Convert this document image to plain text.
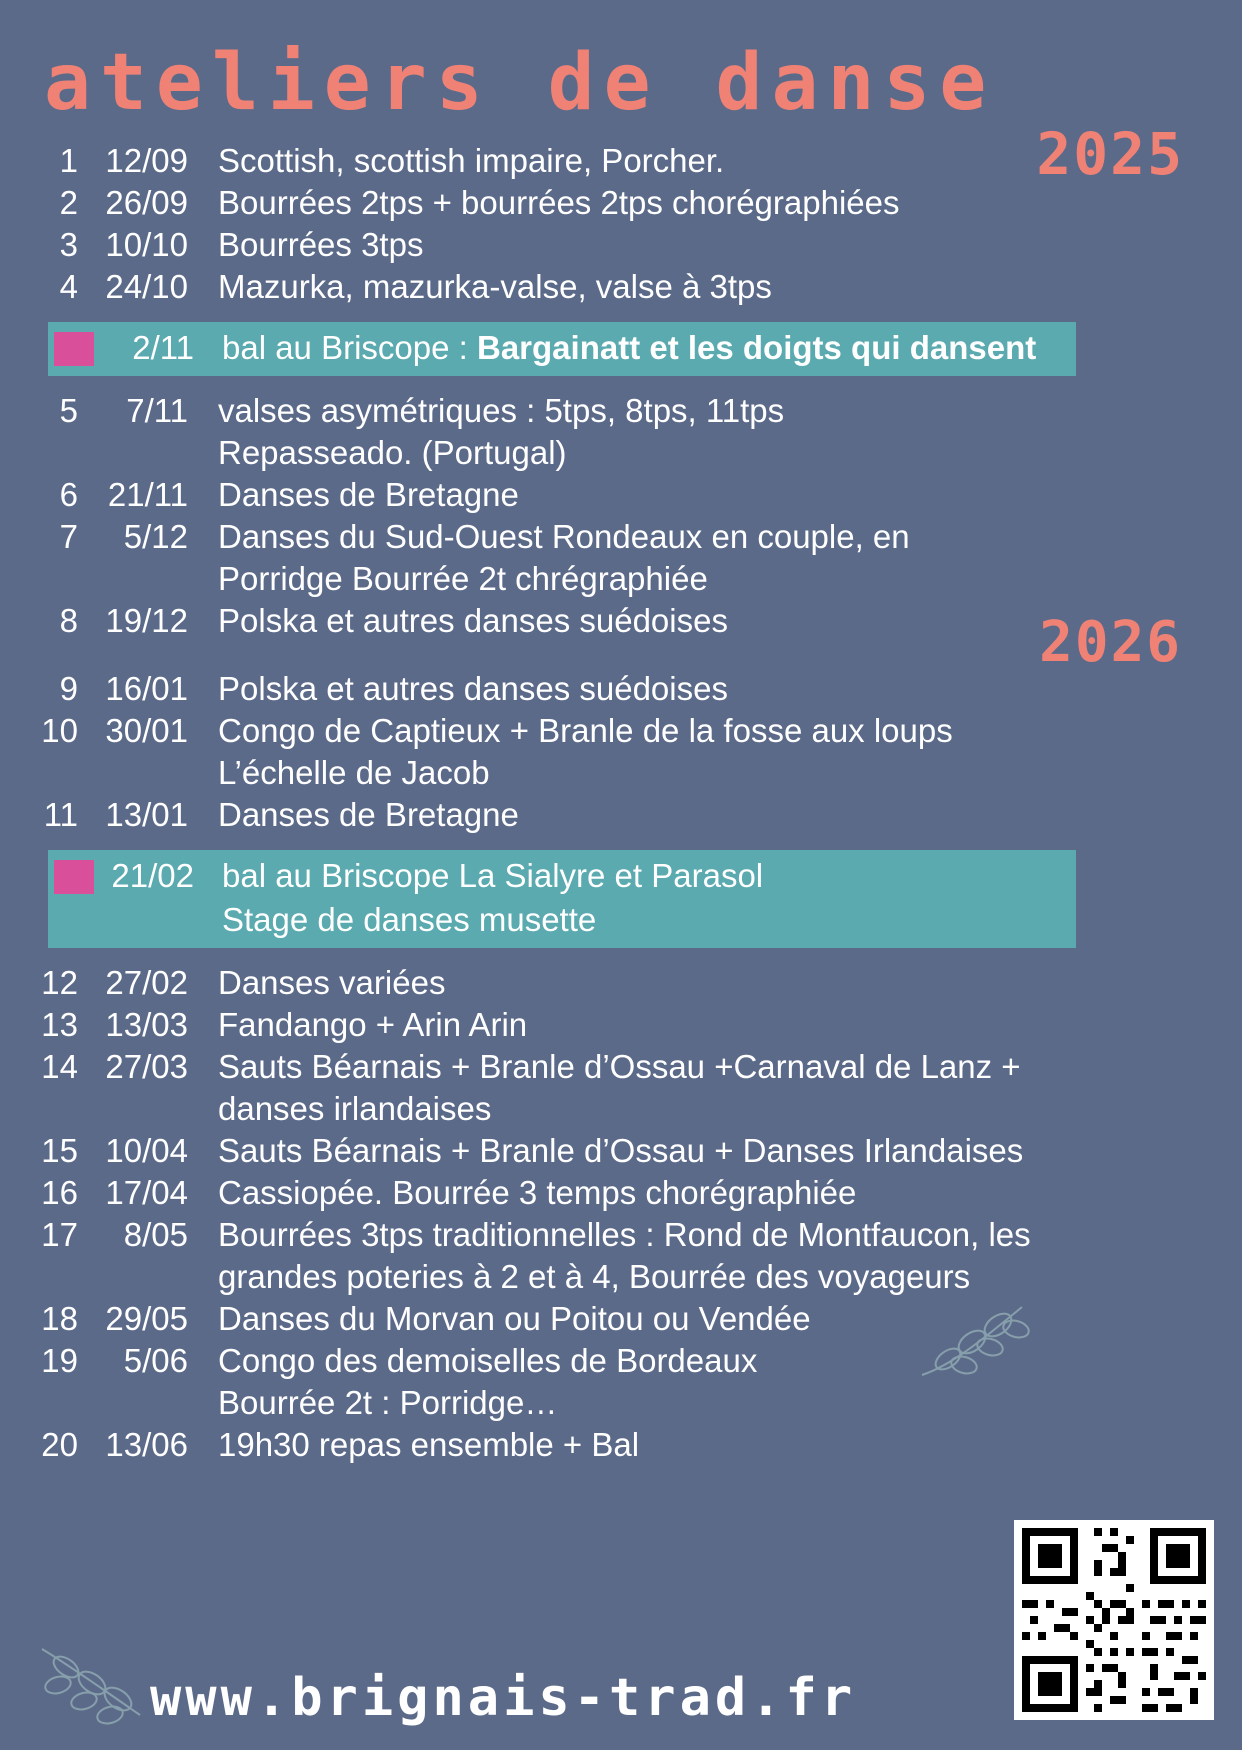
ateliers de danse
2025
2026
1 12/09 Scottish, scottish impaire, Porcher.
2 26/09 Bourrées 2tps + bourrées 2tps chorégraphiées
3 10/10 Bourrées 3tps
4 24/10 Mazurka, mazurka-valse, valse à 3tps
2/11 bal au Briscope : Bargainatt et les doigts qui dansent
5	7/11 valses asymétriques : 5tps, 8tps, 11tps
Repasseado. (Portugal)
6 21/11 Danses de Bretagne
7	5/12 Danses du Sud-Ouest Rondeaux en couple, en
Porridge Bourrée 2t chrégraphiée
8 19/12 Polska et autres danses suédoises
9 16/01 Polska et autres danses suédoises
10 30/01 Congo de Captieux + Branle de la fosse aux loups
L’échelle de Jacob
11 13/01 Danses de Bretagne
21/02 bal au Briscope La Sialyre et Parasol
Stage de danses musette
12 27/02 Danses variées
13 13/03 Fandango + Arin Arin
14 27/03 Sauts Béarnais + Branle d’Ossau +Carnaval de Lanz +
danses irlandaises
15 10/04 Sauts Béarnais + Branle d’Ossau + Danses Irlandaises
16 17/04 Cassiopée. Bourrée 3 temps chorégraphiée
17	8/05 Bourrées 3tps traditionnelles : Rond de Montfaucon, les
grandes poteries à 2 et à 4, Bourrée des voyageurs
18 29/05 Danses du Morvan ou Poitou ou Vendée
19	5/06 Congo des demoiselles de Bordeaux
Bourrée 2t : Porridge…
20 13/06 19h30 repas ensemble + Bal
www.brignais-trad.fr
